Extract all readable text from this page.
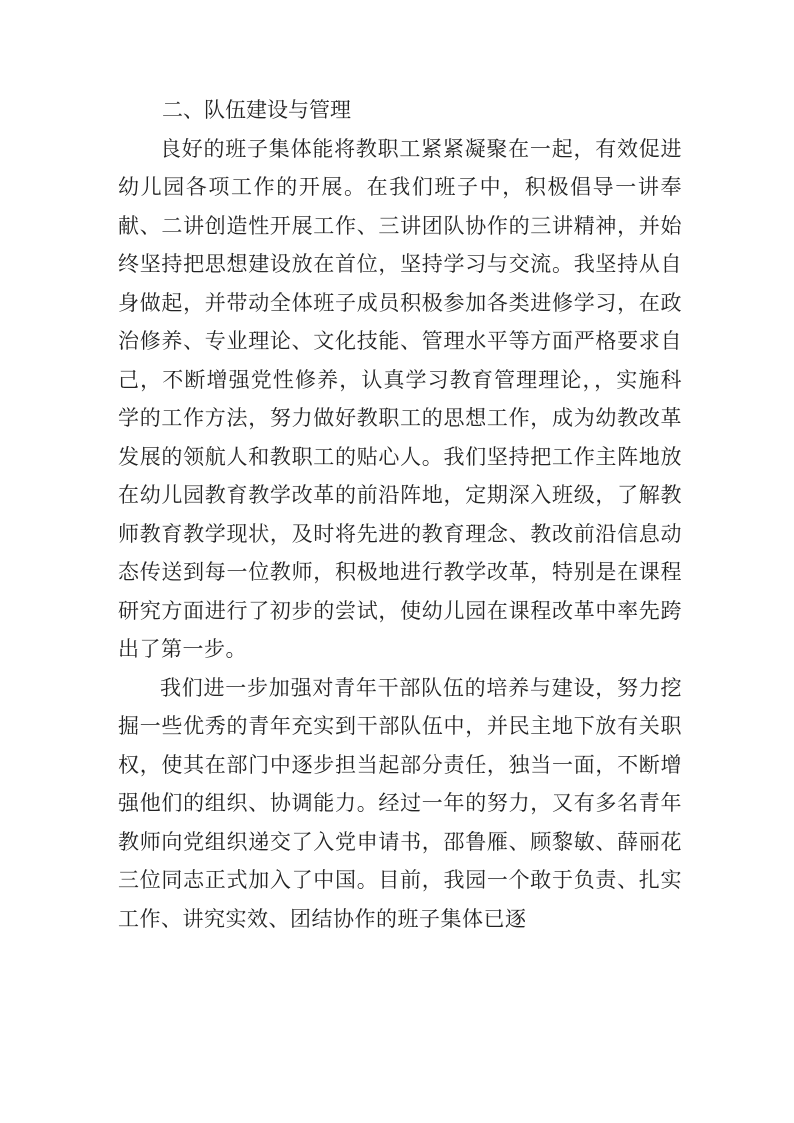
二、队伍建设与管理

良好的班子集体能将教职工紧紧凝聚在一起，有效促进幼儿园各项工作的开展。在我们班子中，积极倡导一讲奉献、二讲创造性开展工作、三讲团队协作的三讲精神，并始终坚持把思想建设放在首位，坚持学习与交流。我坚持从自身做起，并带动全体班子成员积极参加各类进修学习，在政治修养、专业理论、文化技能、管理水平等方面严格要求自己，不断增强党性修养，认真学习教育管理理论，，实施科学的工作方法，努力做好教职工的思想工作，成为幼教改革发展的领航人和教职工的贴心人。我们坚持把工作主阵地放在幼儿园教育教学改革的前沿阵地，定期深入班级，了解教师教育教学现状，及时将先进的教育理念、教改前沿信息动态传送到每一位教师，积极地进行教学改革，特别是在课程研究方面进行了初步的尝试，使幼儿园在课程改革中率先跨出了第一步。

我们进一步加强对青年干部队伍的培养与建设，努力挖掘一些优秀的青年充实到干部队伍中，并民主地下放有关职权，使其在部门中逐步担当起部分责任，独当一面，不断增强他们的组织、协调能力。经过一年的努力，又有多名青年教师向党组织递交了入党申请书，邵鲁雁、顾黎敏、薛丽花三位同志正式加入了中国。目前，我园一个敢于负责、扎实工作、讲究实效、团结协作的班子集体已逐
